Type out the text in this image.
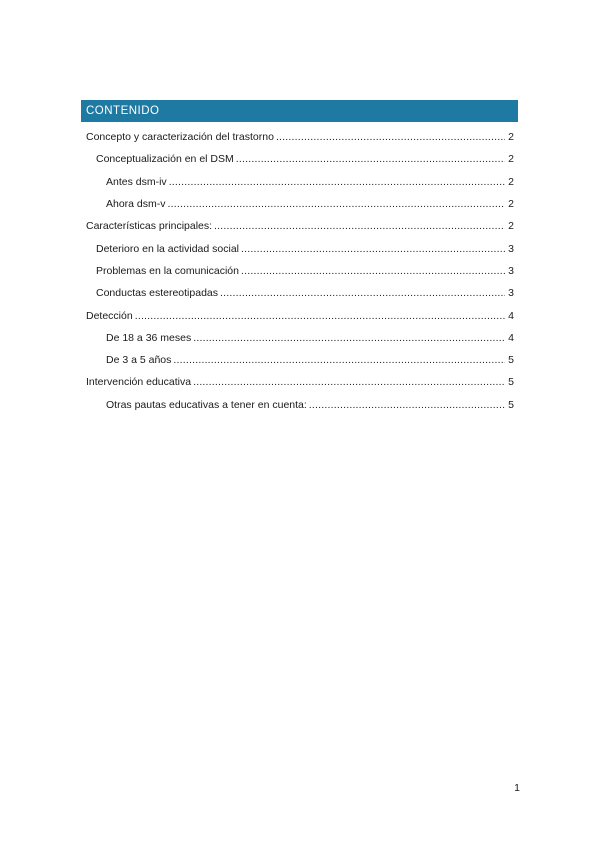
CONTENIDO
Concepto y caracterización del trastorno .....	2
Conceptualización en el DSM .....	2
Antes dsm-iv .....	2
Ahora dsm-v .....	2
Características principales: .....	2
Deterioro en la actividad social .....	3
Problemas en la comunicación .....	3
Conductas estereotipadas .....	3
Detección .....	4
De 18 a 36 meses .....	4
De 3 a 5 años .....	5
Intervención educativa .....	5
Otras pautas educativas a tener en cuenta: .....	5
1
